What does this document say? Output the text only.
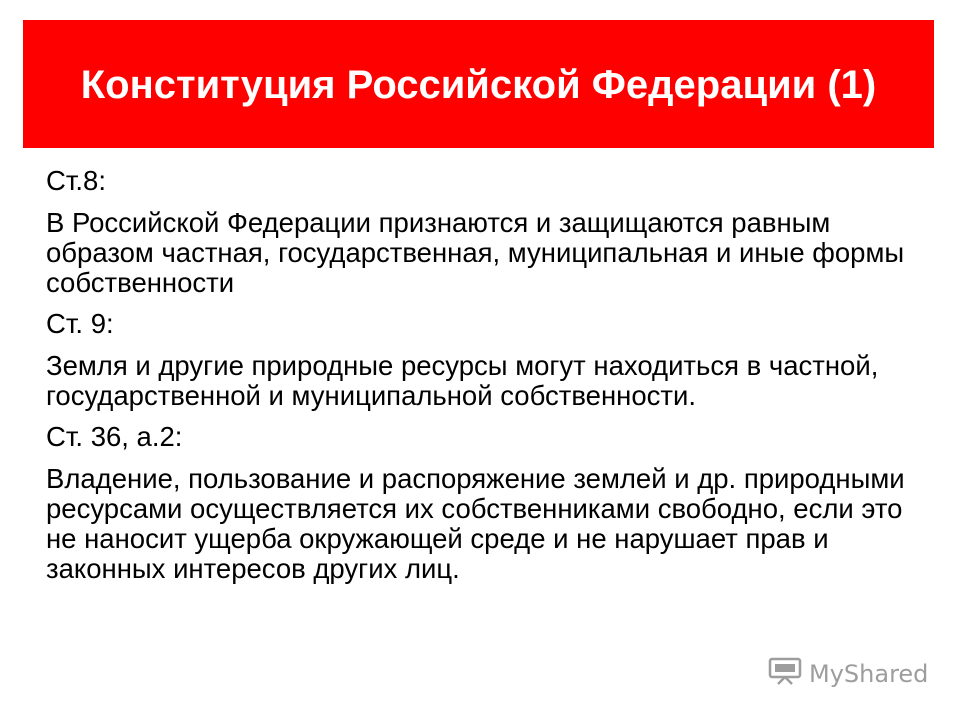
Конституция Российской Федерации (1)

Ст.8:

В Российской Федерации признаются и защищаются равным образом частная, государственная, муниципальная и иные формы собственности

Ст. 9:

Земля и другие природные ресурсы могут находиться в частной, государственной и муниципальной собственности.

Ст. 36, а.2:

Владение, пользование и распоряжение землей и др. природными ресурсами осуществляется их собственниками свободно, если это не наносит ущерба окружающей среде и не нарушает прав и законных интересов других лиц.

MyShared
